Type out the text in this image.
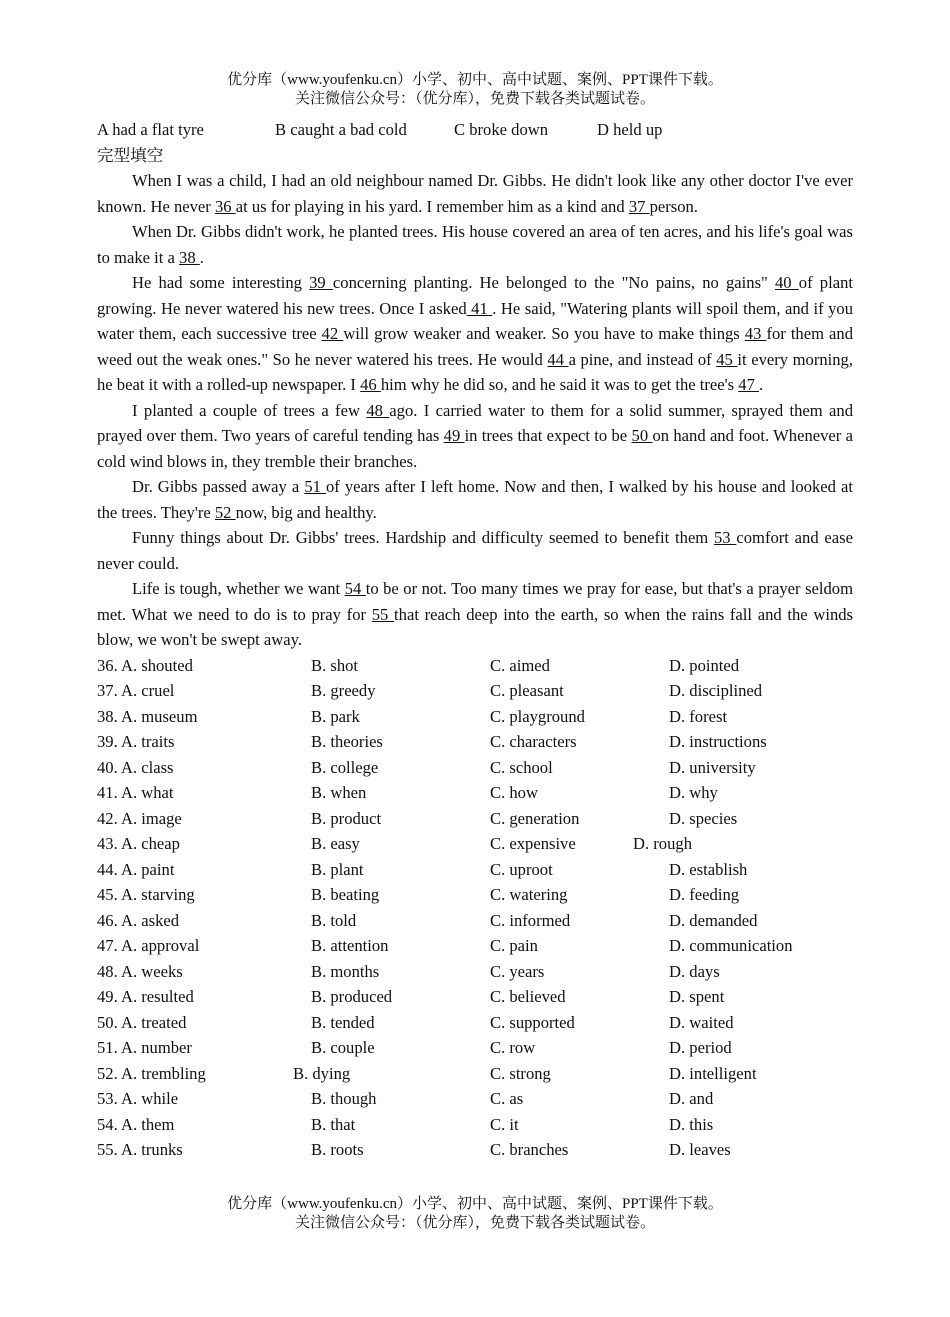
优分库（www.youfenku.cn）小学、初中、高中试题、案例、PPT课件下载。
关注微信公众号：（优分库），免费下载各类试题试卷。
A had a flat tyre	B caught a bad cold	C broke down	D held up
完型填空

When I was a child, I had an old neighbour named Dr. Gibbs. He didn't look like any other doctor I've ever known. He never 36 at us for playing in his yard. I remember him as a kind and 37 person.

When Dr. Gibbs didn't work, he planted trees. His house covered an area of ten acres, and his life's goal was to make it a 38 .

He had some interesting 39 concerning planting. He belonged to the "No pains, no gains" 40 of plant growing. He never watered his new trees. Once I asked 41 . He said, "Watering plants will spoil them, and if you water them, each successive tree 42 will grow weaker and weaker. So you have to make things 43 for them and weed out the weak ones." So he never watered his trees. He would 44 a pine, and instead of 45 it every morning, he beat it with a rolled-up newspaper. I 46 him why he did so, and he said it was to get the tree's 47 .

I planted a couple of trees a few 48 ago. I carried water to them for a solid summer, sprayed them and prayed over them. Two years of careful tending has 49 in trees that expect to be 50 on hand and foot. Whenever a cold wind blows in, they tremble their branches.

Dr. Gibbs passed away a 51 of years after I left home. Now and then, I walked by his house and looked at the trees. They're 52 now, big and healthy.

Funny things about Dr. Gibbs' trees. Hardship and difficulty seemed to benefit them 53 comfort and ease never could.

Life is tough, whether we want 54 to be or not. Too many times we pray for ease, but that's a prayer seldom met. What we need to do is to pray for 55 that reach deep into the earth, so when the rains fall and the winds blow, we won't be swept away.

36. A. shouted	B. shot	C. aimed	D. pointed
37. A. cruel	B. greedy	C. pleasant	D. disciplined
38. A. museum	B. park	C. playground	D. forest
39. A. traits	B. theories	C. characters	D. instructions
40. A. class	B. college	C. school	D. university
41. A. what	B. when	C. how	D. why
42. A. image	B. product	C. generation	D. species
43. A. cheap	B. easy	C. expensive	D. rough
44. A. paint	B. plant	C. uproot	D. establish
45. A. starving	B. beating	C. watering	D. feeding
46. A. asked	B. told	C. informed	D. demanded
47. A. approval	B. attention	C. pain	D. communication
48. A. weeks	B. months	C. years	D. days
49. A. resulted	B. produced	C. believed	D. spent
50. A. treated	B. tended	C. supported	D. waited
51. A. number	B. couple	C. row	D. period
52. A. trembling	B. dying	C. strong	D. intelligent
53. A. while	B. though	C. as	D. and
54. A. them	B. that	C. it	D. this
55. A. trunks	B. roots	C. branches	D. leaves
优分库（www.youfenku.cn）小学、初中、高中试题、案例、PPT课件下载。
关注微信公众号：（优分库），免费下载各类试题试卷。
